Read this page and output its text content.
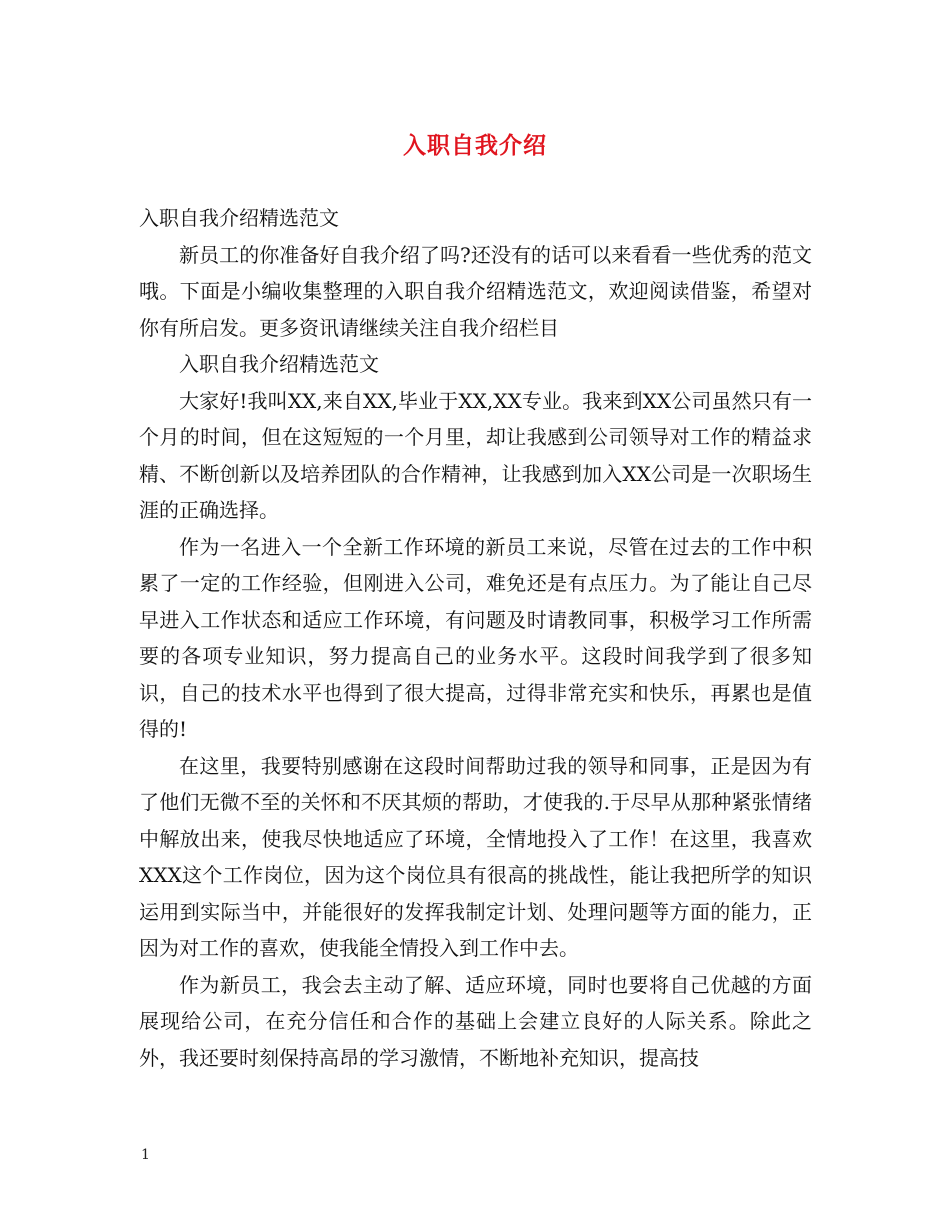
入职自我介绍

入职自我介绍精选范文

新员工的你准备好自我介绍了吗?还没有的话可以来看看一些优秀的范文哦。下面是小编收集整理的入职自我介绍精选范文，欢迎阅读借鉴，希望对你有所启发。更多资讯请继续关注自我介绍栏目

入职自我介绍精选范文

大家好!我叫XX,来自XX,毕业于XX,XX专业。我来到XX公司虽然只有一个月的时间，但在这短短的一个月里，却让我感到公司领导对工作的精益求精、不断创新以及培养团队的合作精神，让我感到加入XX公司是一次职场生涯的正确选择。

作为一名进入一个全新工作环境的新员工来说，尽管在过去的工作中积累了一定的工作经验，但刚进入公司，难免还是有点压力。为了能让自己尽早进入工作状态和适应工作环境，有问题及时请教同事，积极学习工作所需要的各项专业知识，努力提高自己的业务水平。这段时间我学到了很多知识，自己的技术水平也得到了很大提高，过得非常充实和快乐，再累也是值得的!

在这里，我要特别感谢在这段时间帮助过我的领导和同事，正是因为有了他们无微不至的关怀和不厌其烦的帮助，才使我的.于尽早从那种紧张情绪中解放出来，使我尽快地适应了环境，全情地投入了工作！在这里，我喜欢XXX这个工作岗位，因为这个岗位具有很高的挑战性，能让我把所学的知识运用到实际当中，并能很好的发挥我制定计划、处理问题等方面的能力，正因为对工作的喜欢，使我能全情投入到工作中去。

作为新员工，我会去主动了解、适应环境，同时也要将自己优越的方面展现给公司，在充分信任和合作的基础上会建立良好的人际关系。除此之外，我还要时刻保持高昂的学习激情，不断地补充知识，提高技

1
